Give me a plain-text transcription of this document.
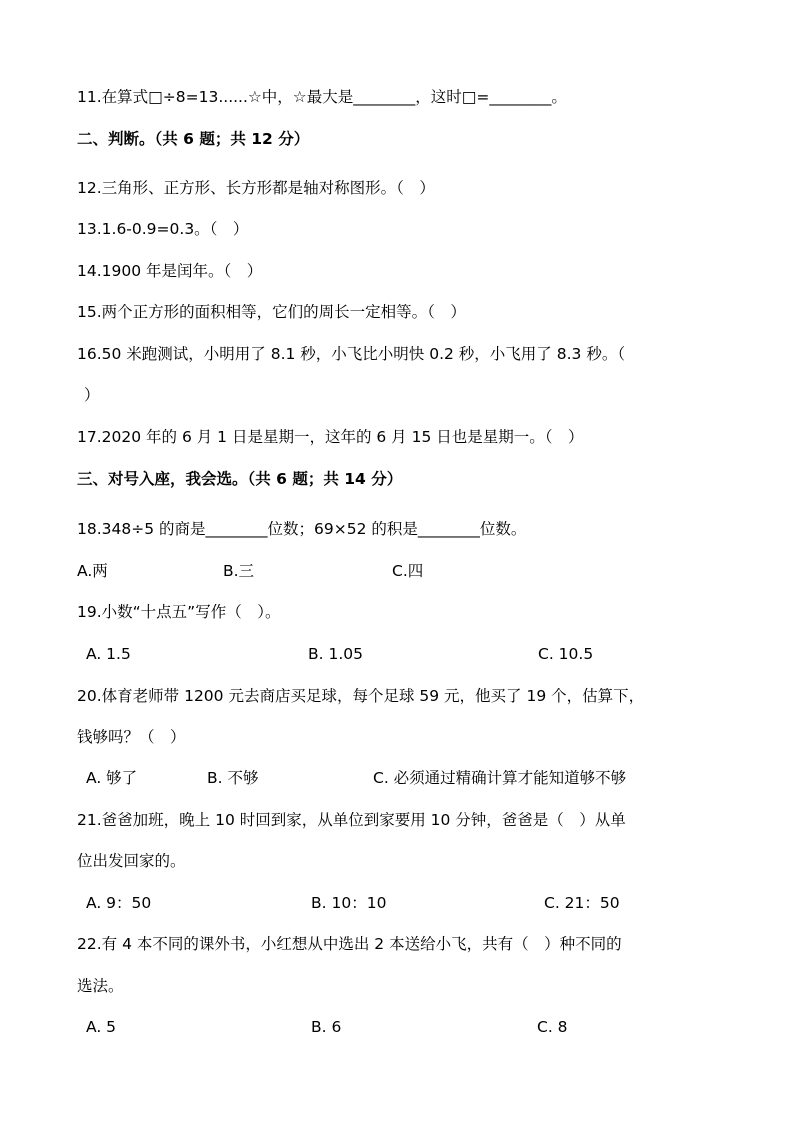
11.在算式□÷8=13......☆中，☆最大是________，这时□=________。
二、判断。（共 6 题；共 12 分）
12.三角形、正方形、长方形都是轴对称图形。（　）
13.1.6-0.9=0.3。（　）
14.1900 年是闰年。（　）
15.两个正方形的面积相等，它们的周长一定相等。（　）
16.50 米跑测试，小明用了 8.1 秒，小飞比小明快 0.2 秒，小飞用了 8.3 秒。（
）
17.2020 年的 6 月 1 日是星期一，这年的 6 月 15 日也是星期一。（　）
三、对号入座，我会选。（共 6 题；共 14 分）
18.348÷5 的商是________位数；69×52 的积是________位数。
A.两	B.三	C.四
19.小数“十点五”写作（　）。
A. 1.5	B. 1.05	C. 10.5
20.体育老师带 1200 元去商店买足球，每个足球 59 元，他买了 19 个，估算下，
钱够吗？（　）
A. 够了	B. 不够	C. 必须通过精确计算才能知道够不够
21.爸爸加班，晚上 10 时回到家，从单位到家要用 10 分钟，爸爸是（　）从单
位出发回家的。
A. 9：50	B. 10：10	C. 21：50
22.有 4 本不同的课外书，小红想从中选出 2 本送给小飞，共有（　）种不同的
选法。
A. 5	B. 6	C. 8
